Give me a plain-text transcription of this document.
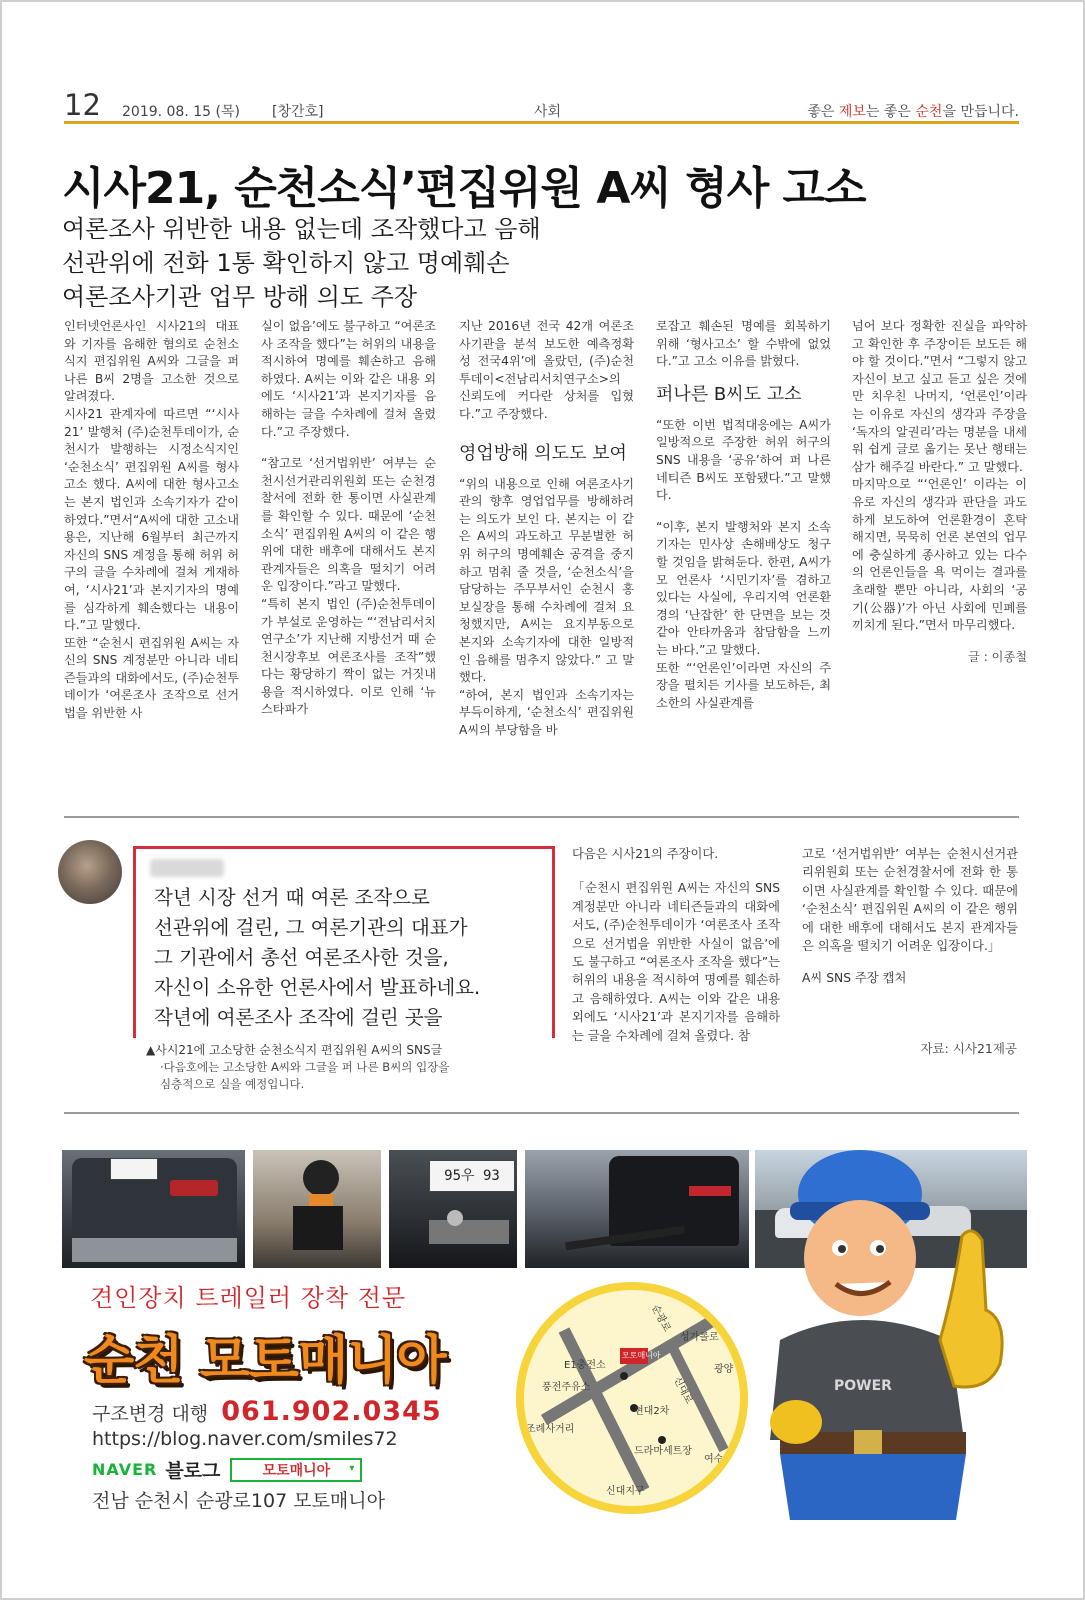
12 2019. 08. 15 (목) [창간호]	사회	좋은 제보는 좋은 순천을 만듭니다.
시사21, 순천소식’편집위원 A씨 형사 고소
여론조사 위반한 내용 없는데 조작했다고 음해
선관위에 전화 1통 확인하지 않고 명예훼손
여론조사기관 업무 방해 의도 주장

인터넷언론사인 시사21의 대표와 기자를 음해한 혐의로 순천소식지 편집위원 A씨와 그글을 퍼 나른 B씨 2명을 고소한 것으로 알려졌다.

시사21 관계자에 따르면 “‘시사21’ 발행처 (주)순천투데이가, 순천시가 발행하는 시정소식지인 ‘순천소식’ 편집위원 A씨를 형사고소 했다. A씨에 대한 형사고소는 본지 법인과 소속기자가 같이 하였다.”면서“A씨에 대한 고소내용은, 지난해 6월부터 최근까지 자신의 SNS 계정을 통해 허위 허구의 글을 수차례에 걸쳐 게재하여, ‘시사21’과 본지기자의 명예를 심각하게 훼손했다는 내용이다.”고 말했다.

또한 “순천시 편집위원 A씨는 자신의 SNS 계정분만 아니라 네티즌들과의 대화에서도, (주)순천투데이가 ‘여론조사 조작으로 선거법을 위반한 사

실이 없음’에도 불구하고 “여론조사 조작을 했다”는 허위의 내용을 적시하여 명예를 훼손하고 음해하였다. A씨는 이와 같은 내용 외에도 ‘시사21’과 본지기자를 음해하는 글을 수차례에 걸쳐 올렸다.”고 주장했다.

“참고로 ‘선거법위반’ 여부는 순천시선거관리위원회 또는 순천경찰서에 전화 한 통이면 사실관계를 확인할 수 있다. 때문에 ‘순천소식’ 편집위원 A씨의 이 같은 행위에 대한 배후에 대해서도 본지 관계자들은 의혹을 떨치기 어려운 입장이다.”라고 말했다.

“특히 본지 법인 (주)순천투데이가 부설로 운영하는 “‘전남리서치연구소’가 지난해 지방선거 때 순천시장후보 여론조사를 조작”했다는 황당하기 짝이 없는 거짓내용을 적시하였다. 이로 인해 ‘뉴스타파가

지난 2016년 전국 42개 여론조사기관을 분석 보도한 예측정확성 전국4위’에 올랐던, (주)순천투데이<전남리서치연구소>의 신뢰도에 커다란 상처를 입혔다.”고 주장했다.

영업방해 의도도 보여

“위의 내용으로 인해 여론조사기관의 향후 영업업무를 방해하려는 의도가 보인 다. 본지는 이 같은 A씨의 과도하고 무분별한 허위 허구의 명예훼손 공격을 중지하고 멈춰 줄 것을, ‘순천소식’을 담당하는 주무부서인 순천시 홍보실장을 통해 수차례에 걸쳐 요청했지만, A씨는 요지부동으로 본지와 소속기자에 대한 일방적인 음해를 멈추지 않았다.” 고 말했다.

“하여, 본지 법인과 소속기자는 부득이하게, ‘순천소식’ 편집위원 A씨의 부당함을 바

로잡고 훼손된 명예를 회복하기 위해 ‘형사고소’ 할 수밖에 없었다.”고 고소 이유를 밝혔다.

퍼나른 B씨도 고소

“또한 이번 법적대응에는 A씨가 일방적으로 주장한 허위 허구의 SNS 내용을 ‘공유’하여 퍼 나른 네티즌 B씨도 포함됐다.”고 말했다.

“이후, 본지 발행처와 본지 소속기자는 민사상 손해배상도 청구할 것임을 밝혀둔다. 한편, A씨가 모 언론사 ‘시민기자’를 겸하고 있다는 사실에, 우리지역 언론환경의 ‘난잡한’ 한 단면을 보는 것 같아 안타까움과 참담함을 느끼는 바다.”고 말했다.

또한 “‘언론인’이라면 자신의 주장을 펼치든 기사를 보도하든, 최소한의 사실관계를

넘어 보다 정확한 진실을 파악하고 확인한 후 주장이든 보도든 해야 할 것이다.”면서 “그렇지 않고 자신이 보고 싶고 듣고 싶은 것에만 치우친 나머지, ‘언론인’이라는 이유로 자신의 생각과 주장을 ‘독자의 알권리’라는 명분을 내세워 쉽게 글로 옮기는 못난 행태는 삼가 해주길 바란다.” 고 말했다.

마지막으로 “‘언론인’ 이라는 이유로 자신의 생각과 판단을 과도하게 보도하여 언론환경이 혼탁해지면, 묵묵히 언론 본연의 업무에 충실하게 종사하고 있는 다수의 언론인들을 욕 먹이는 결과를 초래할 뿐만 아니라, 사회의 ‘공기(公器)’가 아닌 사회에 민폐를 끼치게 된다.”면서 마무리했다.

글 : 이종철
작년 시장 선거 때 여론 조작으로
선관위에 걸린, 그 여론기관의 대표가
그 기관에서 총선 여론조사한 것을,
자신이 소유한 언론사에서 발표하네요.
작년에 여론조사 조작에 걸린 곳을
▲사시21에 고소당한 순천소식지 편집위원 A씨의 SNS글
·다음호에는 고소당한 A씨와 그글을 퍼 나른 B씨의 입장을
심층적으로 실을 예정입니다.

다음은 시사21의 주장이다.

「순천시 편집위원 A씨는 자신의 SNS 계정분만 아니라 네티즌들과의 대화에서도, (주)순천투데이가 ‘여론조사 조작으로 선거법을 위반한 사실이 없음’에도 불구하고 “여론조사 조작을 했다”는 허위의 내용을 적시하여 명예를 훼손하고 음해하였다. A씨는 이와 같은 내용 외에도 ‘시사21’과 본지기자를 음해하는 글을 수차례에 걸쳐 올렸다. 참

고로 ‘선거법위반’ 여부는 순천시선거관리위원회 또는 순천경찰서에 전화 한 통이면 사실관계를 확인할 수 있다. 때문에 ‘순천소식’ 편집위원 A씨의 이 같은 행위에 대한 배후에 대해서도 본지 관계자들은 의혹을 떨치기 어려운 입장이다.」

A씨 SNS 주장 캡처

자료: 시사21제공
95우 93
견인장치 트레일러 장착 전문
순천 모토매니아
구조변경 대행 061.902.0345
https://blog.naver.com/smiles72
NAVER 블로그	모토매니아 ▾
전남 순천시 순광로107 모토매니아
모토매니아
E1충전소
풍전주유소
현대2차
조례사거리
드라마세트장
신대지구
광양
성가롤로
여수
순광로
신대로	POWER
